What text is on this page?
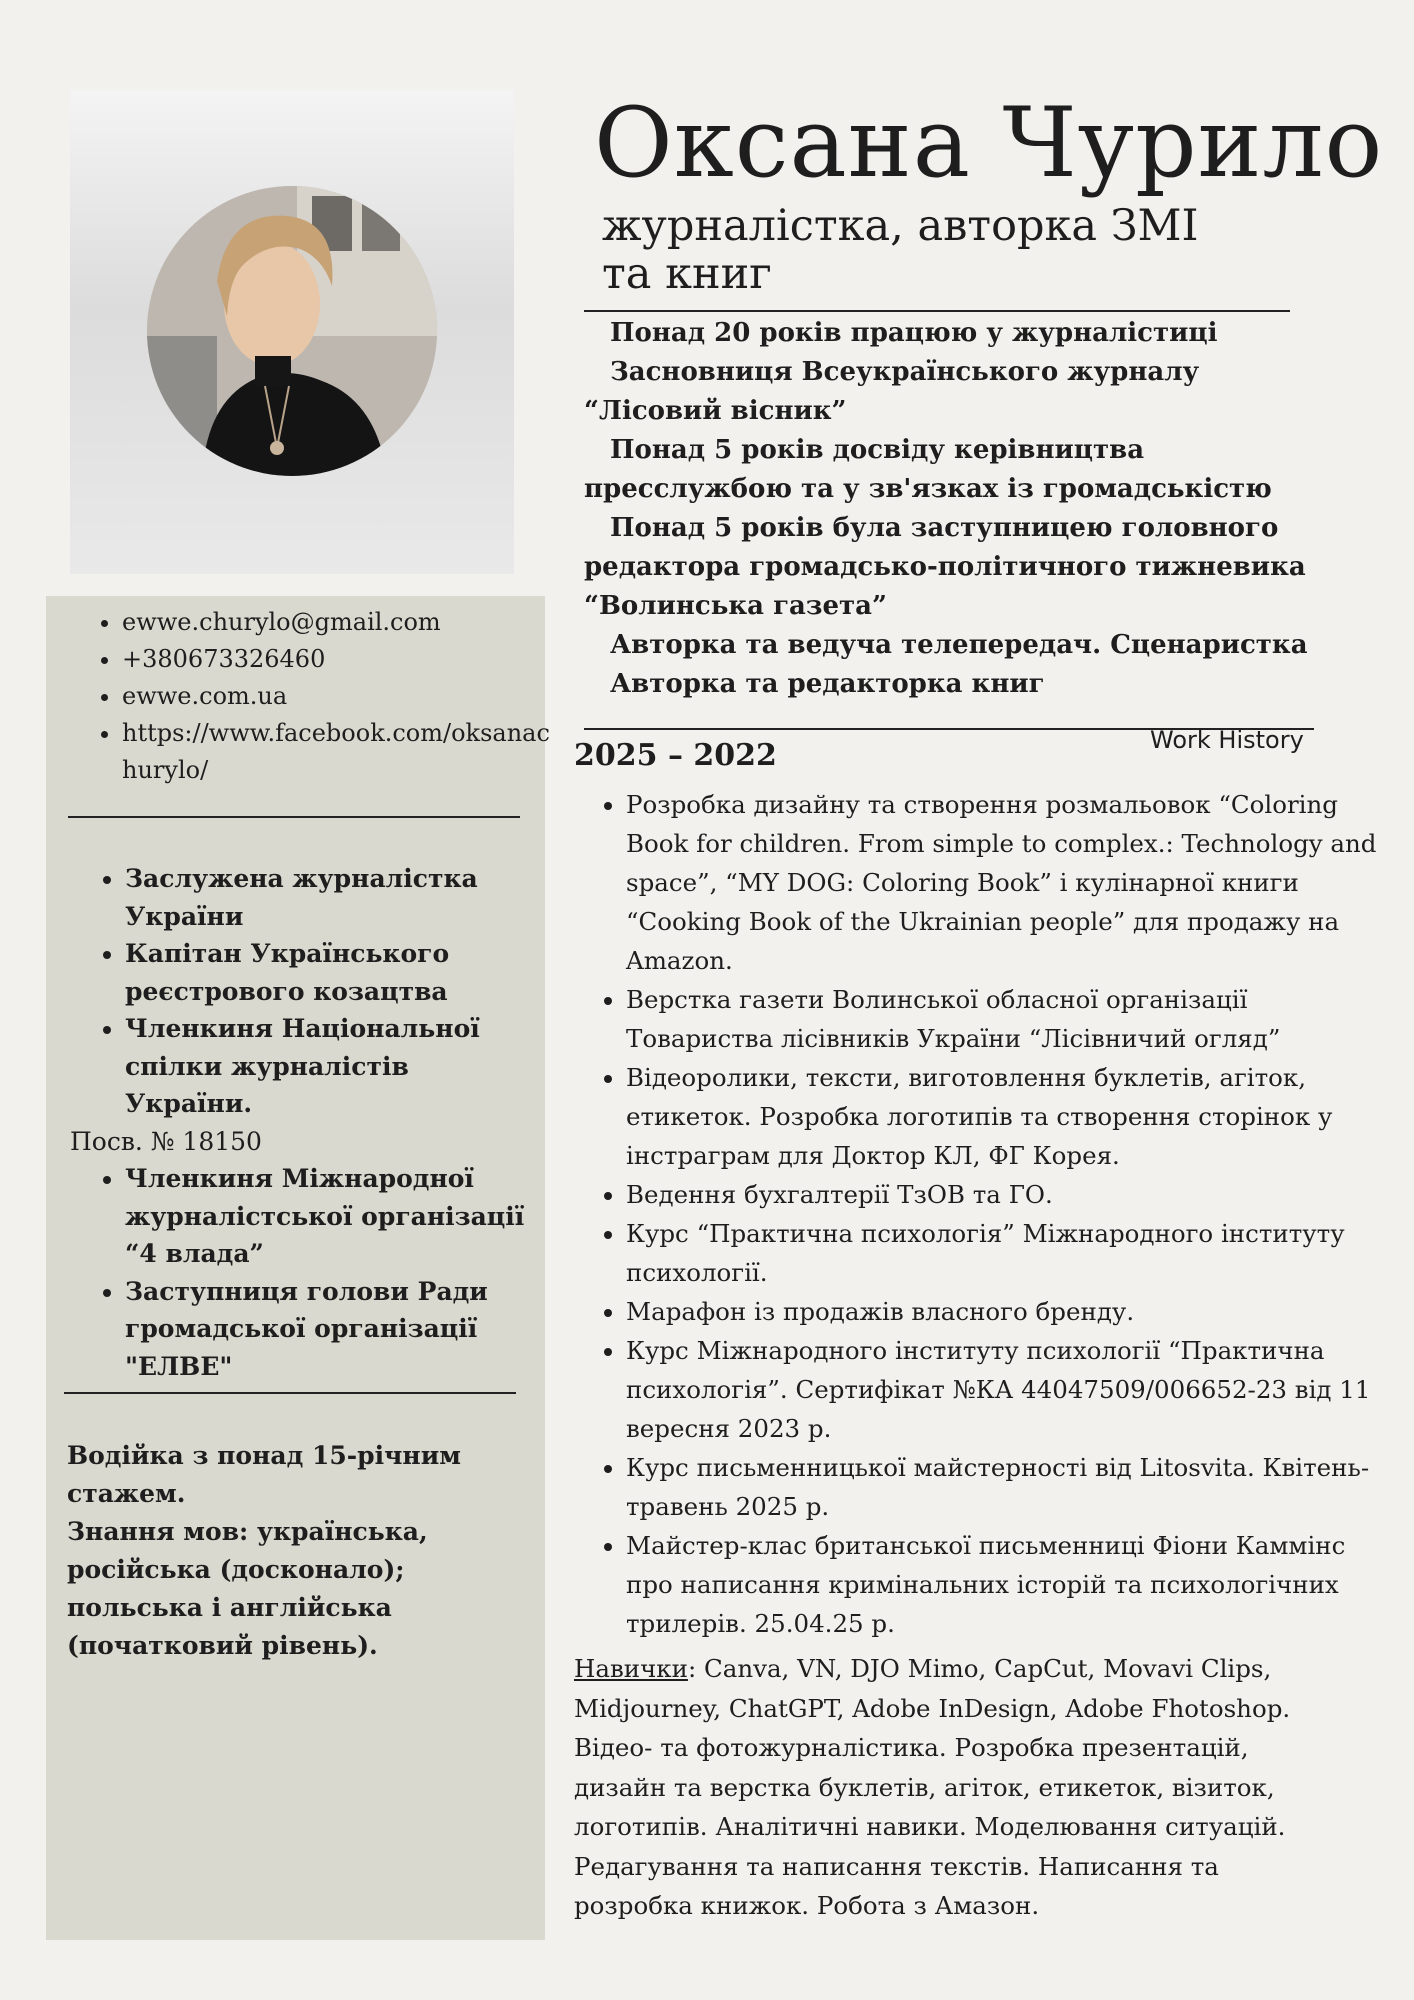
Оксана Чурило
журналістка, авторка ЗМІ
та книг
Понад 20 років працюю у журналістиці
Засновниця Всеукраїнського журналу “Лісовий вісник”
Понад 5 років досвіду керівництва пресслужбою та у зв'язках із громадськістю
Понад 5 років була заступницею головного редактора громадсько-політичного тижневика “Волинська газета”
Авторка та ведуча телепередач. Сценаристка
Авторка та редакторка книг
• ewwe.churylo@gmail.com
• +380673326460
• ewwe.com.ua
• https://www.facebook.com/oksanachurylo/
• Заслужена журналістка України
• Капітан Українського реєстрового козацтва
• Членкиня Національної спілки журналістів України.
Посв. № 18150
• Членкиня Міжнародної журналістської організації “4 влада”
• Заступниця голови Ради громадської організації "ЕЛВЕ"

Водійка з понад 15-річним стажем.

Знання мов: українська, російська (досконало); польська і англійська (початковий рівень).

Work History
2025 – 2022
• Розробка дизайну та створення розмальовок “Coloring Book for children. From simple to complex.: Technology and space”, “MY DOG: Coloring Book” і кулінарної книги “Cooking Book of the Ukrainian people” для продажу на Amazon.
• Верстка газети Волинської обласної організації Товариства лісівників України “Лісівничий огляд”
• Відеоролики, тексти, виготовлення буклетів, агіток, етикеток. Розробка логотипів та створення сторінок у інстраграм для Доктор КЛ, ФГ Корея.
• Ведення бухгалтерії ТзОВ та ГО.
• Курс “Практична психологія” Міжнародного інституту психології.
• Марафон із продажів власного бренду.
• Курс Міжнародного інституту психології “Практична психологія”. Сертифікат №КА 44047509/006652-23 від 11 вересня 2023 р.
• Курс письменницької майстерності від Litosvita. Квітень-травень 2025 р.
• Майстер-клас британської письменниці Фіони Каммінс про написання кримінальних історій та психологічних трилерів. 25.04.25 р.

Навички: Canva, VN, DJO Mimo, CapCut, Movavi Clips, Midjourney, ChatGPT, Adobe InDesign, Adobe Fhotoshop. Відео- та фотожурналістика. Розробка презентацій, дизайн та верстка буклетів, агіток, етикеток, візиток, логотипів. Аналітичні навики. Моделювання ситуацій. Редагування та написання текстів. Написання та розробка книжок. Робота з Амазон.
